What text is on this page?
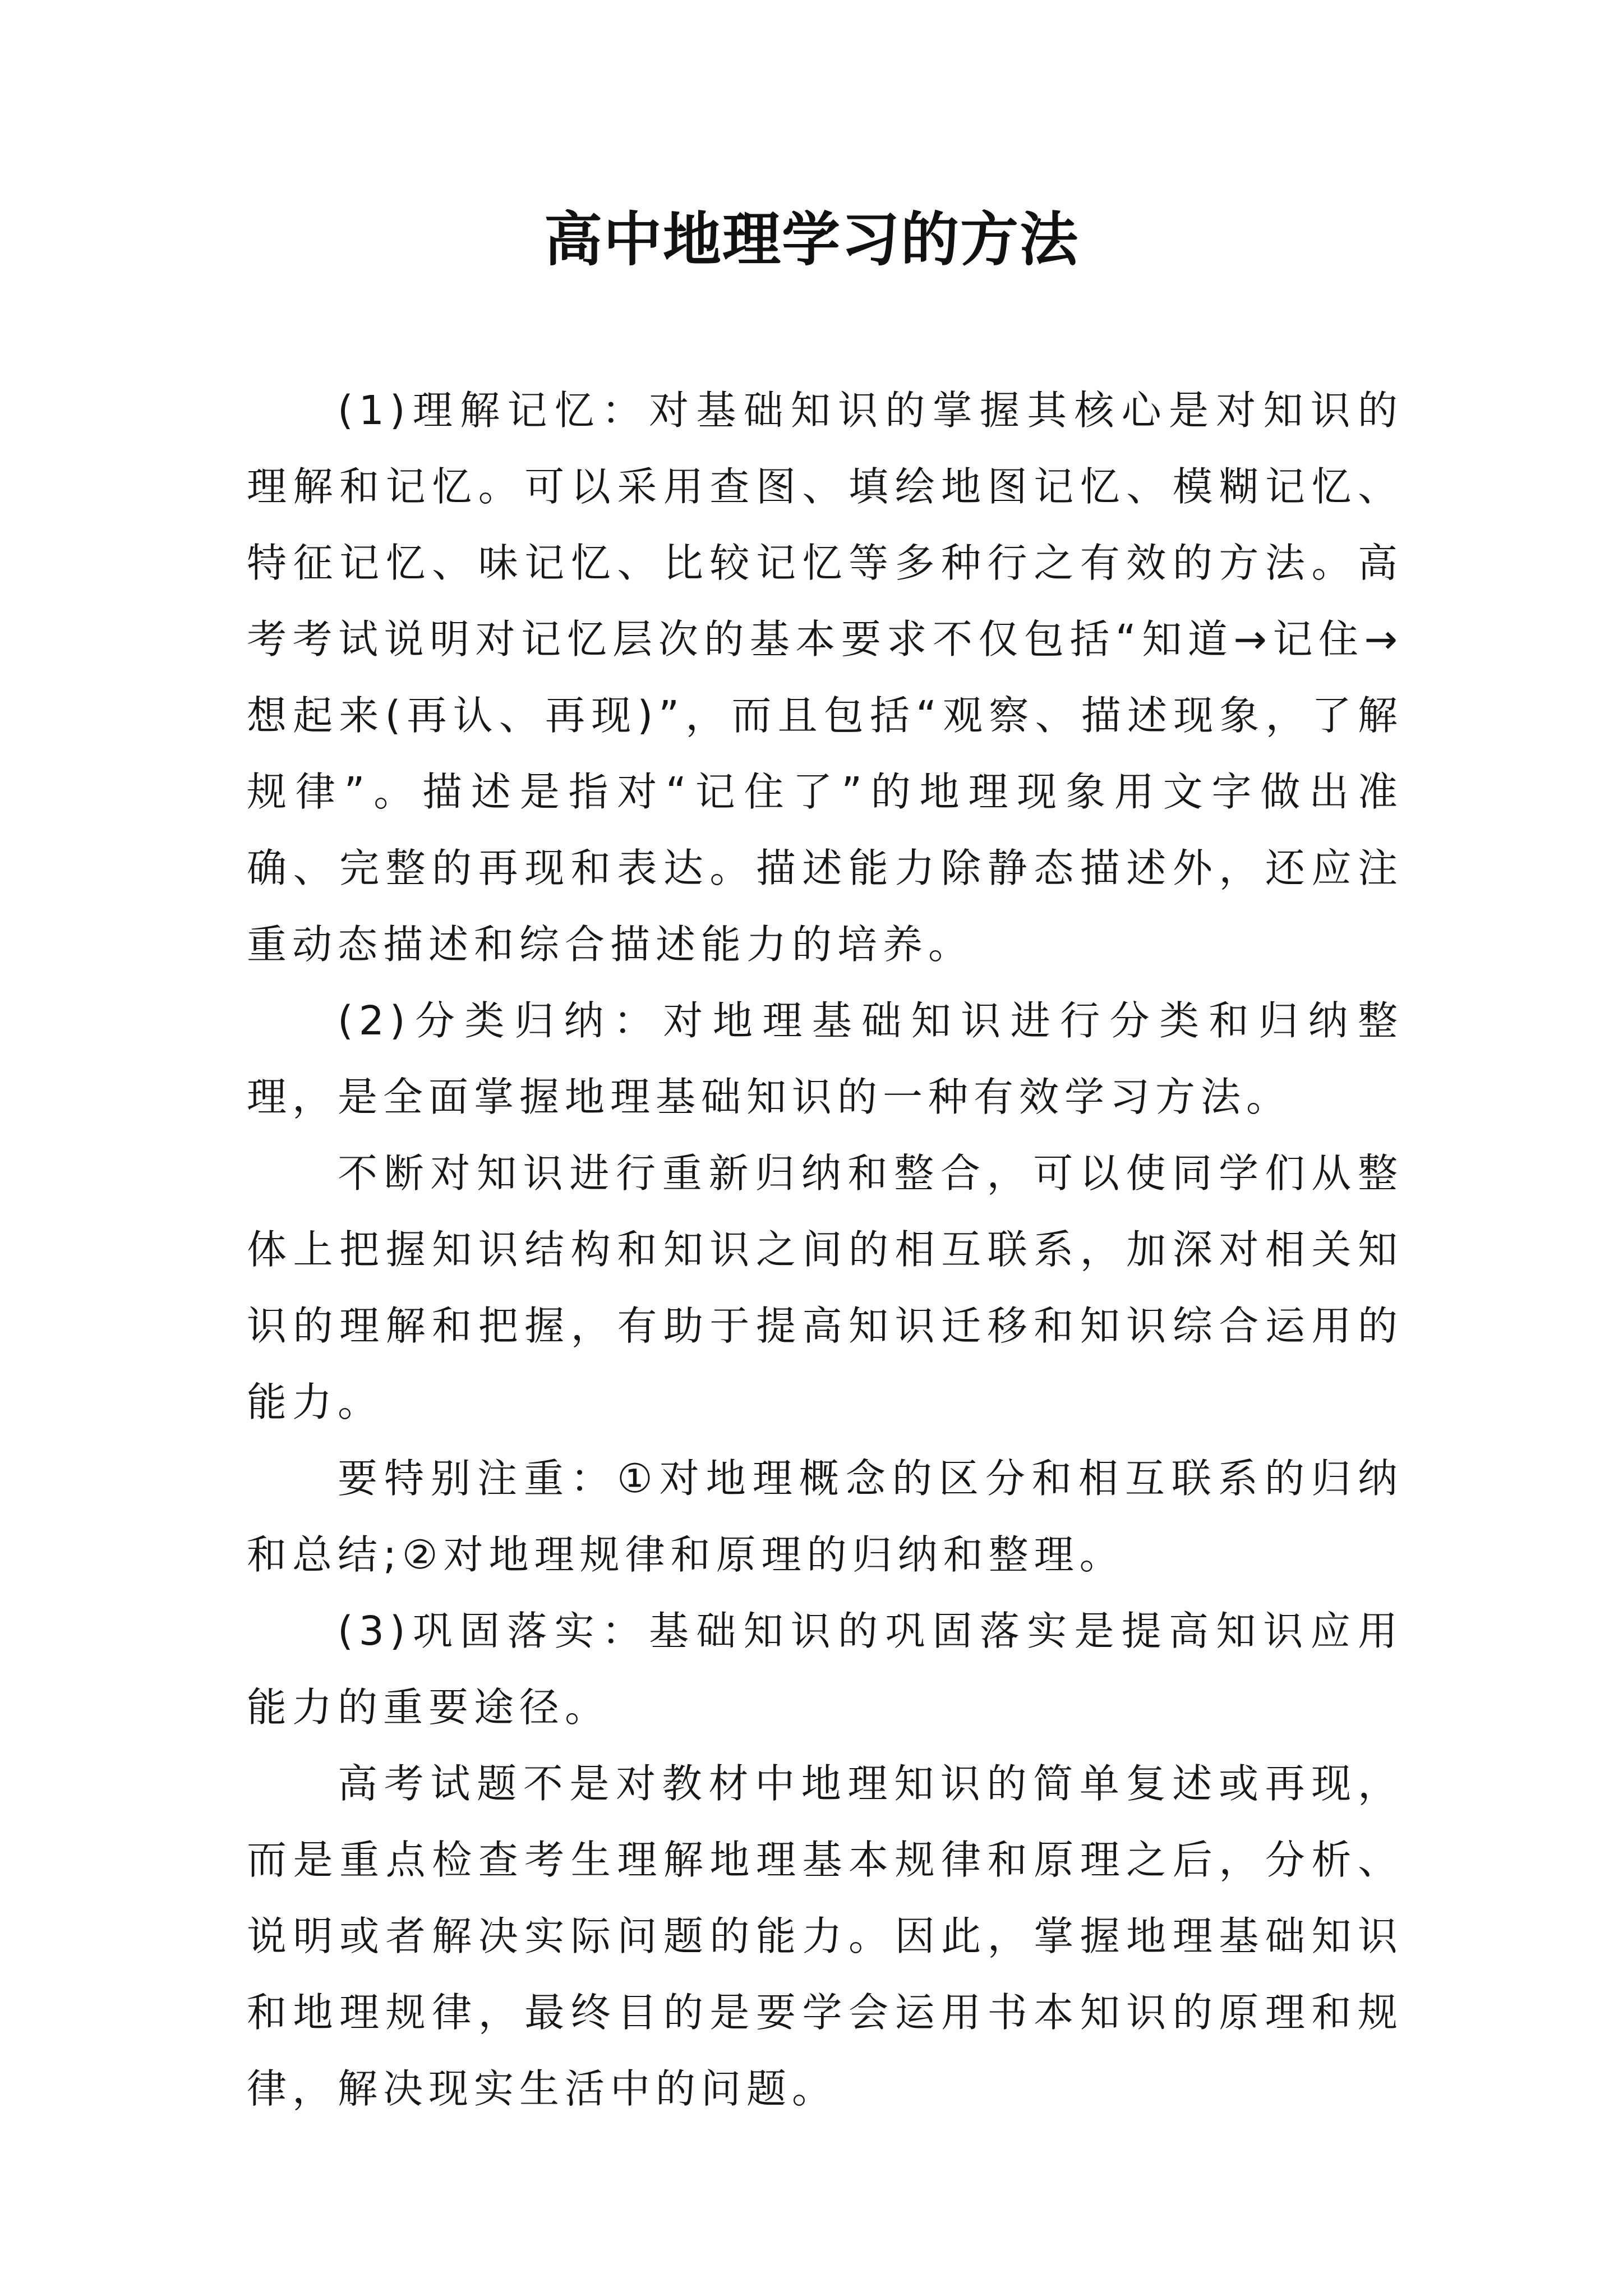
高中地理学习的方法

(1)理解记忆：对基础知识的掌握其核心是对知识的理解和记忆。可以采用查图、填绘地图记忆、模糊记忆、特征记忆、味记忆、比较记忆等多种行之有效的方法。高考考试说明对记忆层次的基本要求不仅包括“知道→记住→想起来(再认、再现)”，而且包括“观察、描述现象，了解规律”。描述是指对“记住了”的地理现象用文字做出准确、完整的再现和表达。描述能力除静态描述外，还应注重动态描述和综合描述能力的培养。

(2)分类归纳：对地理基础知识进行分类和归纳整理，是全面掌握地理基础知识的一种有效学习方法。

不断对知识进行重新归纳和整合，可以使同学们从整体上把握知识结构和知识之间的相互联系，加深对相关知识的理解和把握，有助于提高知识迁移和知识综合运用的能力。

要特别注重：①对地理概念的区分和相互联系的归纳和总结;②对地理规律和原理的归纳和整理。

(3)巩固落实：基础知识的巩固落实是提高知识应用能力的重要途径。

高考试题不是对教材中地理知识的简单复述或再现，而是重点检查考生理解地理基本规律和原理之后，分析、说明或者解决实际问题的能力。因此，掌握地理基础知识和地理规律，最终目的是要学会运用书本知识的原理和规律，解决现实生活中的问题。
